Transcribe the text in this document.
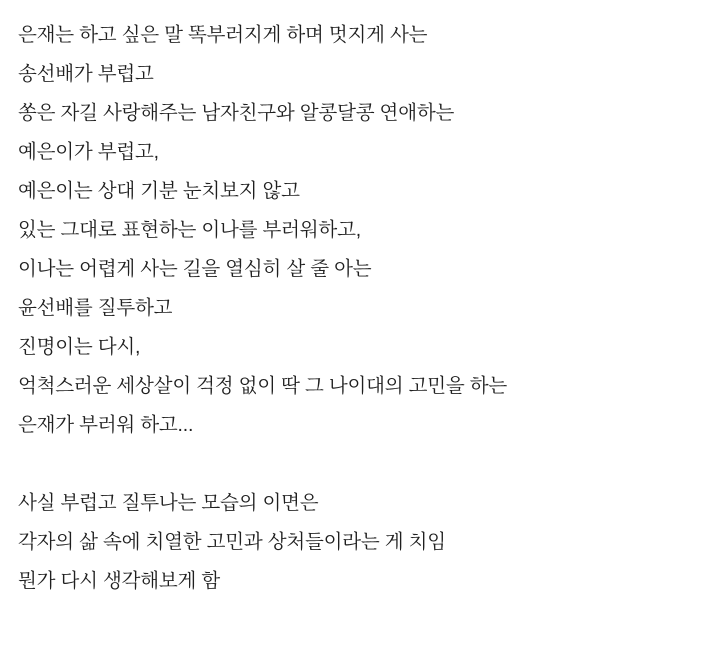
은재는 하고 싶은 말 똑부러지게 하며 멋지게 사는
송선배가 부럽고
쏭은 자길 사랑해주는 남자친구와 알콩달콩 연애하는
예은이가 부럽고,
예은이는 상대 기분 눈치보지 않고
있는 그대로 표현하는 이나를 부러워하고,
이나는 어렵게 사는 길을 열심히 살 줄 아는
윤선배를 질투하고
진명이는 다시,
억척스러운 세상살이 걱정 없이 딱 그 나이대의 고민을 하는
은재가 부러워 하고...
사실 부럽고 질투나는 모습의 이면은
각자의 삶 속에 치열한 고민과 상처들이라는 게 치임
뭔가 다시 생각해보게 함
